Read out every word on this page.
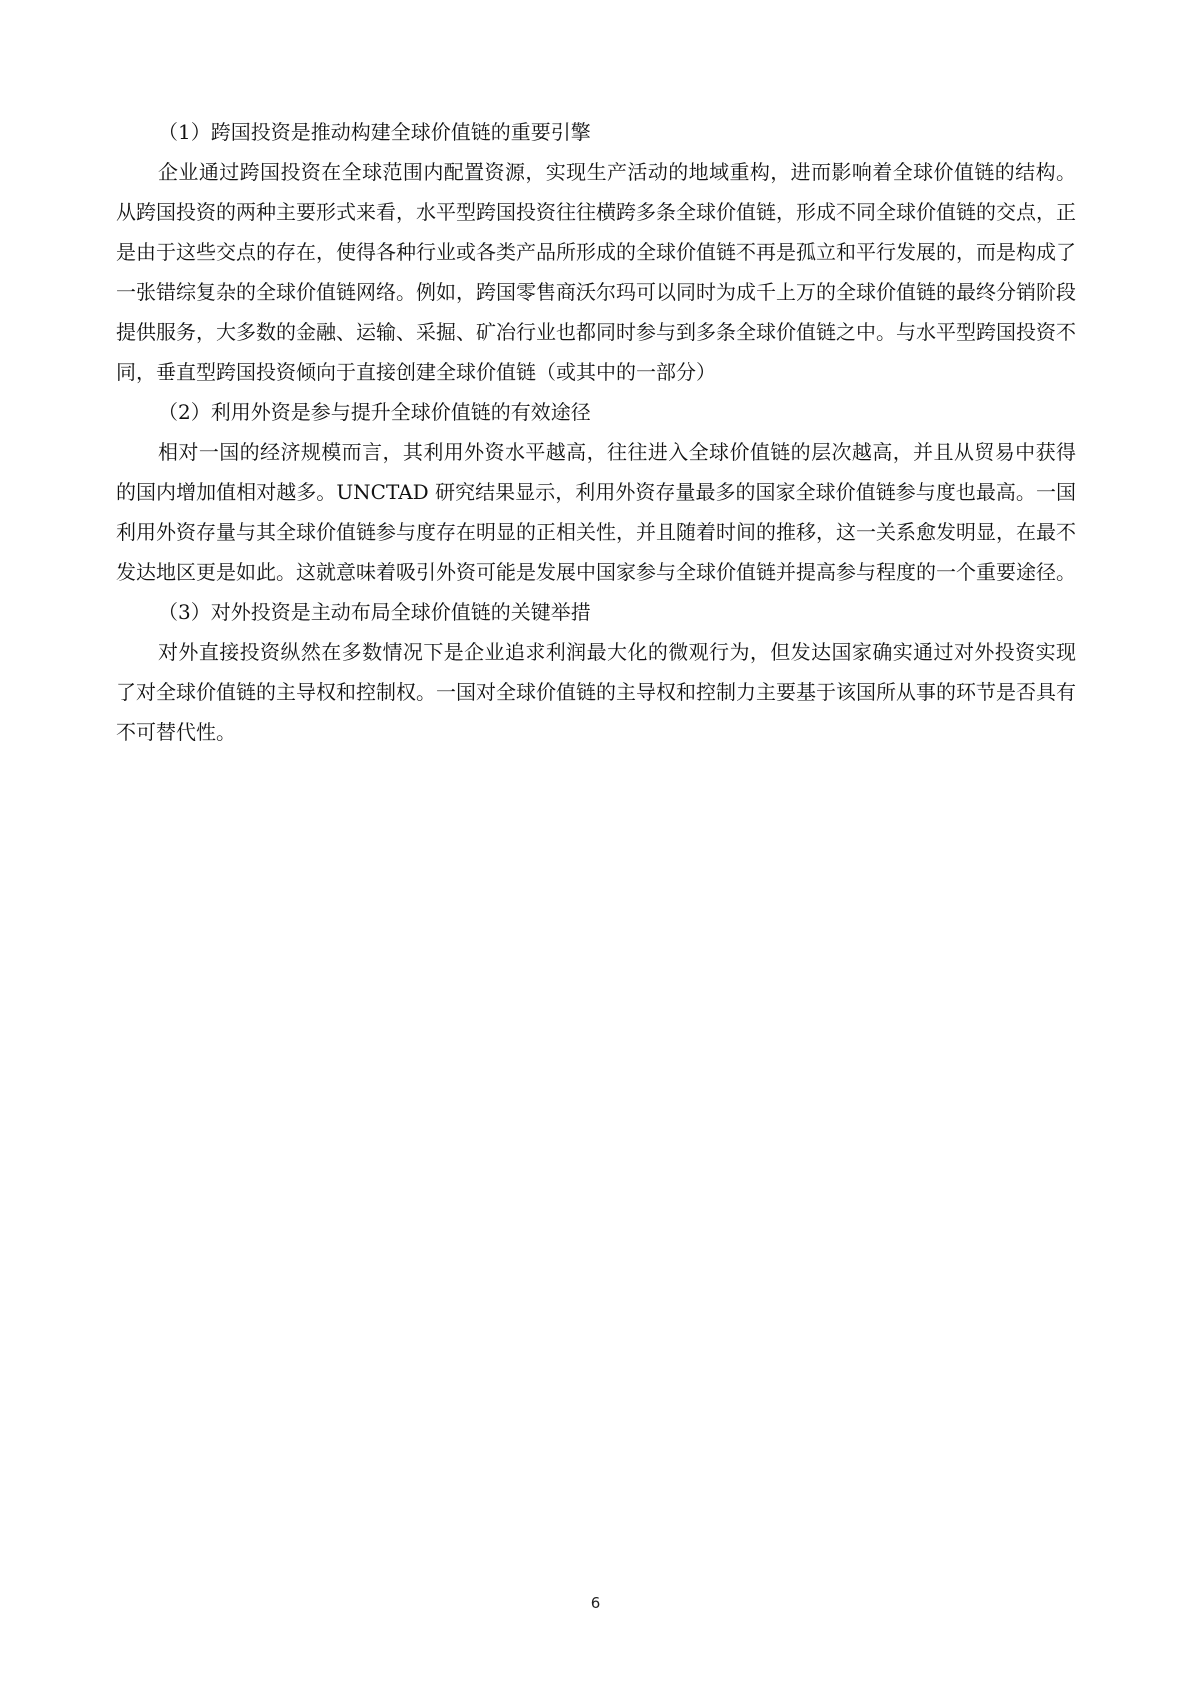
（1）跨国投资是推动构建全球价值链的重要引擎

企业通过跨国投资在全球范围内配置资源，实现生产活动的地域重构，进而影响着全球价值链的结构。从跨国投资的两种主要形式来看，水平型跨国投资往往横跨多条全球价值链，形成不同全球价值链的交点，正是由于这些交点的存在，使得各种行业或各类产品所形成的全球价值链不再是孤立和平行发展的，而是构成了一张错综复杂的全球价值链网络。例如，跨国零售商沃尔玛可以同时为成千上万的全球价值链的最终分销阶段提供服务，大多数的金融、运输、采掘、矿冶行业也都同时参与到多条全球价值链之中。与水平型跨国投资不同，垂直型跨国投资倾向于直接创建全球价值链（或其中的一部分）

（2）利用外资是参与提升全球价值链的有效途径

相对一国的经济规模而言，其利用外资水平越高，往往进入全球价值链的层次越高，并且从贸易中获得的国内增加值相对越多。UNCTAD 研究结果显示，利用外资存量最多的国家全球价值链参与度也最高。一国利用外资存量与其全球价值链参与度存在明显的正相关性，并且随着时间的推移，这一关系愈发明显，在最不发达地区更是如此。这就意味着吸引外资可能是发展中国家参与全球价值链并提高参与程度的一个重要途径。

（3）对外投资是主动布局全球价值链的关键举措

对外直接投资纵然在多数情况下是企业追求利润最大化的微观行为，但发达国家确实通过对外投资实现了对全球价值链的主导权和控制权。一国对全球价值链的主导权和控制力主要基于该国所从事的环节是否具有不可替代性。

6
